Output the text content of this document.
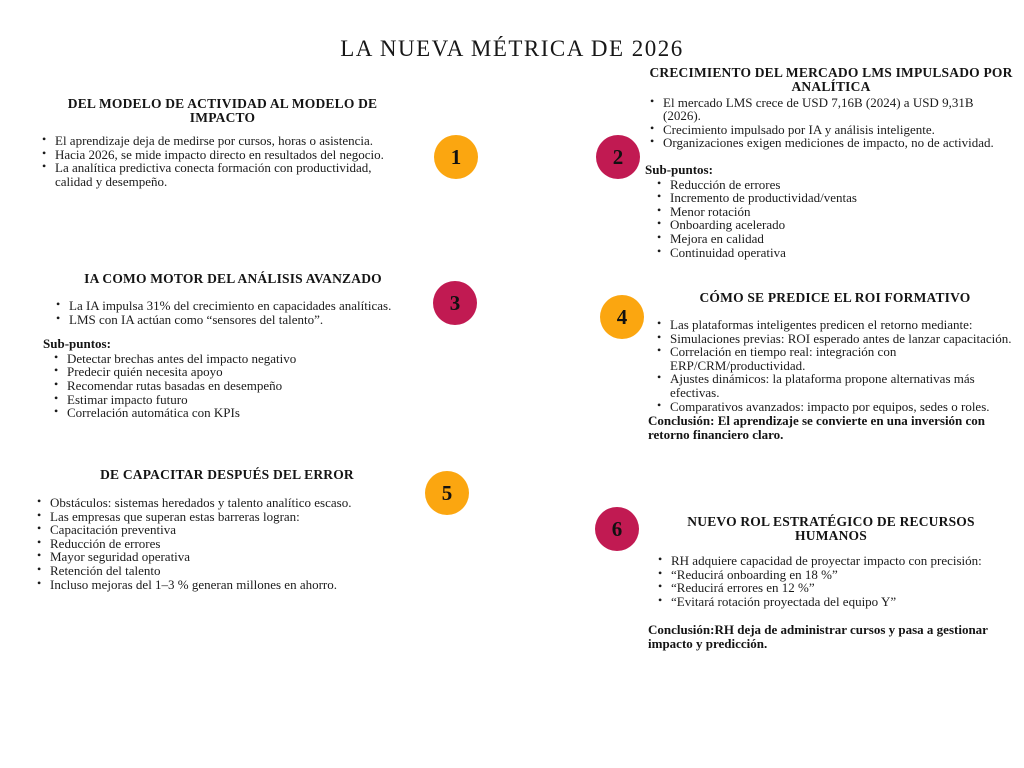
LA NUEVA MÉTRICA DE 2026
DEL MODELO DE ACTIVIDAD AL MODELO DE IMPACTO
• El aprendizaje deja de medirse por cursos, horas o asistencia.
• Hacia 2026, se mide impacto directo en resultados del negocio.
• La analítica predictiva conecta formación con productividad, calidad y desempeño.
CRECIMIENTO DEL MERCADO LMS IMPULSADO POR ANALÍTICA
• El mercado LMS crece de USD 7,16B (2024) a USD 9,31B (2026).
• Crecimiento impulsado por IA y análisis inteligente.
• Organizaciones exigen mediciones de impacto, no de actividad.

Sub-puntos:

• Reducción de errores
• Incremento de productividad/ventas
• Menor rotación
• Onboarding acelerado
• Mejora en calidad
• Continuidad operativa
IA COMO MOTOR DEL ANÁLISIS AVANZADO
• La IA impulsa 31% del crecimiento en capacidades analíticas.
• LMS con IA actúan como “sensores del talento”.

Sub-puntos:

• Detectar brechas antes del impacto negativo
• Predecir quién necesita apoyo
• Recomendar rutas basadas en desempeño
• Estimar impacto futuro
• Correlación automática con KPIs
CÓMO SE PREDICE EL ROI FORMATIVO
• Las plataformas inteligentes predicen el retorno mediante:
• Simulaciones previas: ROI esperado antes de lanzar capacitación.
• Correlación en tiempo real: integración con ERP/CRM/productividad.
• Ajustes dinámicos: la plataforma propone alternativas más efectivas.
• Comparativos avanzados: impacto por equipos, sedes o roles.

Conclusión: El aprendizaje se convierte en una inversión con retorno financiero claro.

DE CAPACITAR DESPUÉS DEL ERROR
• Obstáculos: sistemas heredados y talento analítico escaso.
• Las empresas que superan estas barreras logran:
• Capacitación preventiva
• Reducción de errores
• Mayor seguridad operativa
• Retención del talento
• Incluso mejoras del 1–3 % generan millones en ahorro.
NUEVO ROL ESTRATÉGICO DE RECURSOS HUMANOS
• RH adquiere capacidad de proyectar impacto con precisión:
• “Reducirá onboarding en 18 %”
• “Reducirá errores en 12 %”
• “Evitará rotación proyectada del equipo Y”

Conclusión:RH deja de administrar cursos y pasa a gestionar impacto y predicción.

1	2
3
4
5
6
